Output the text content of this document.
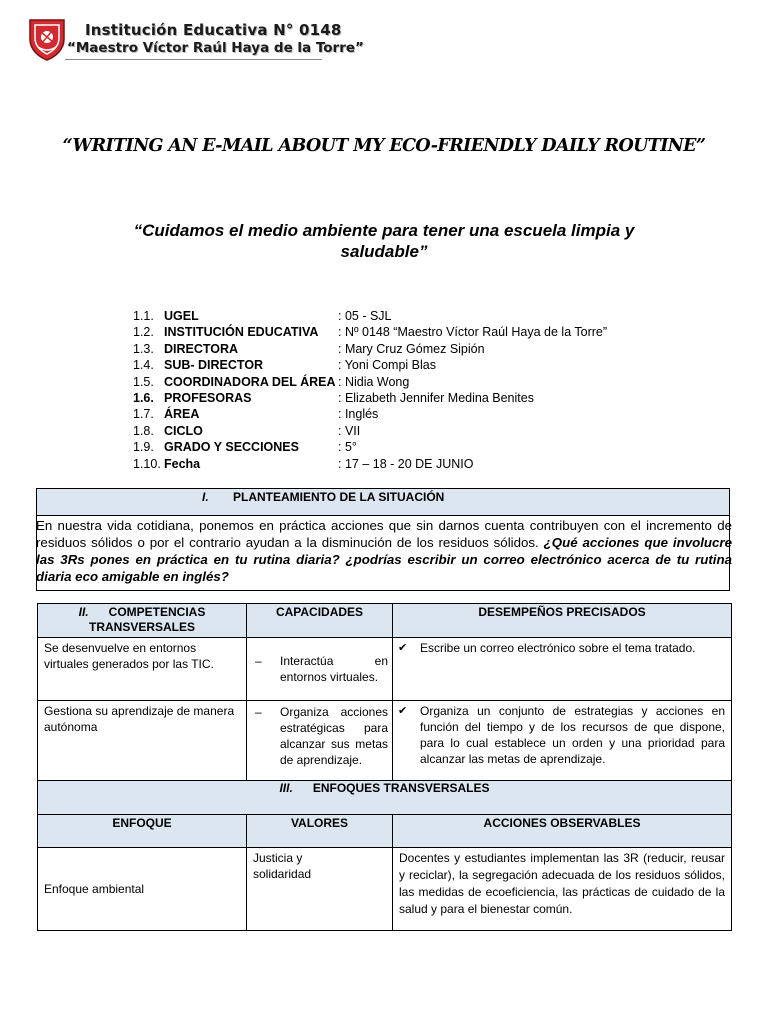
Institución Educativa N° 0148
“Maestro Víctor Raúl Haya de la Torre”
“WRITING AN E-MAIL ABOUT MY ECO-FRIENDLY DAILY ROUTINE”
“Cuidamos el medio ambiente para tener una escuela limpia y saludable”
1.1. UGEL	: 05 - SJL
1.2. INSTITUCIÓN EDUCATIVA : Nº 0148 “Maestro Víctor Raúl Haya de la Torre”
1.3. DIRECTORA	: Mary Cruz Gómez Sipión
1.4. SUB- DIRECTOR	: Yoni Compi Blas
1.5. COORDINADORA DEL ÁREA : Nidia Wong
1.6. PROFESORAS	: Elizabeth Jennifer Medina Benites
1.7. ÁREA	: Inglés
1.8. CICLO	: VII
1.9. GRADO Y SECCIONES	: 5°
1.10. Fecha	: 17 – 18 - 20 DE JUNIO
I. PLANTEAMIENTO DE LA SITUACIÓN
En nuestra vida cotidiana, ponemos en práctica acciones que sin darnos cuenta contribuyen con el incremento de residuos sólidos o por el contrario ayudan a la disminución de los residuos sólidos. ¿Qué acciones que involucre las 3Rs pones en práctica en tu rutina diaria? ¿podrías escribir un correo electrónico acerca de tu rutina diaria eco amigable en inglés?
II. COMPETENCIAS TRANSVERSALES	CAPACIDADES	DESEMPEÑOS PRECISADOS

Se desenvuelve en entornos virtuales generados por las TIC.	– Interactúa en entornos virtuales.	✔ Escribe un correo electrónico sobre el tema tratado.

Gestiona su aprendizaje de manera autónoma	– Organiza acciones estratégicas para alcanzar sus metas de aprendizaje.	✔ Organiza un conjunto de estrategias y acciones en función del tiempo y de los recursos de que dispone, para lo cual establece un orden y una prioridad para alcanzar las metas de aprendizaje.

III. ENFOQUES TRANSVERSALES		

ENFOQUE	VALORES	ACCIONES OBSERVABLES

Enfoque ambiental	Justicia y solidaridad	Docentes y estudiantes implementan las 3R (reducir, reusar y reciclar), la segregación adecuada de los residuos sólidos, las medidas de ecoeficiencia, las prácticas de cuidado de la salud y para el bienestar común.
